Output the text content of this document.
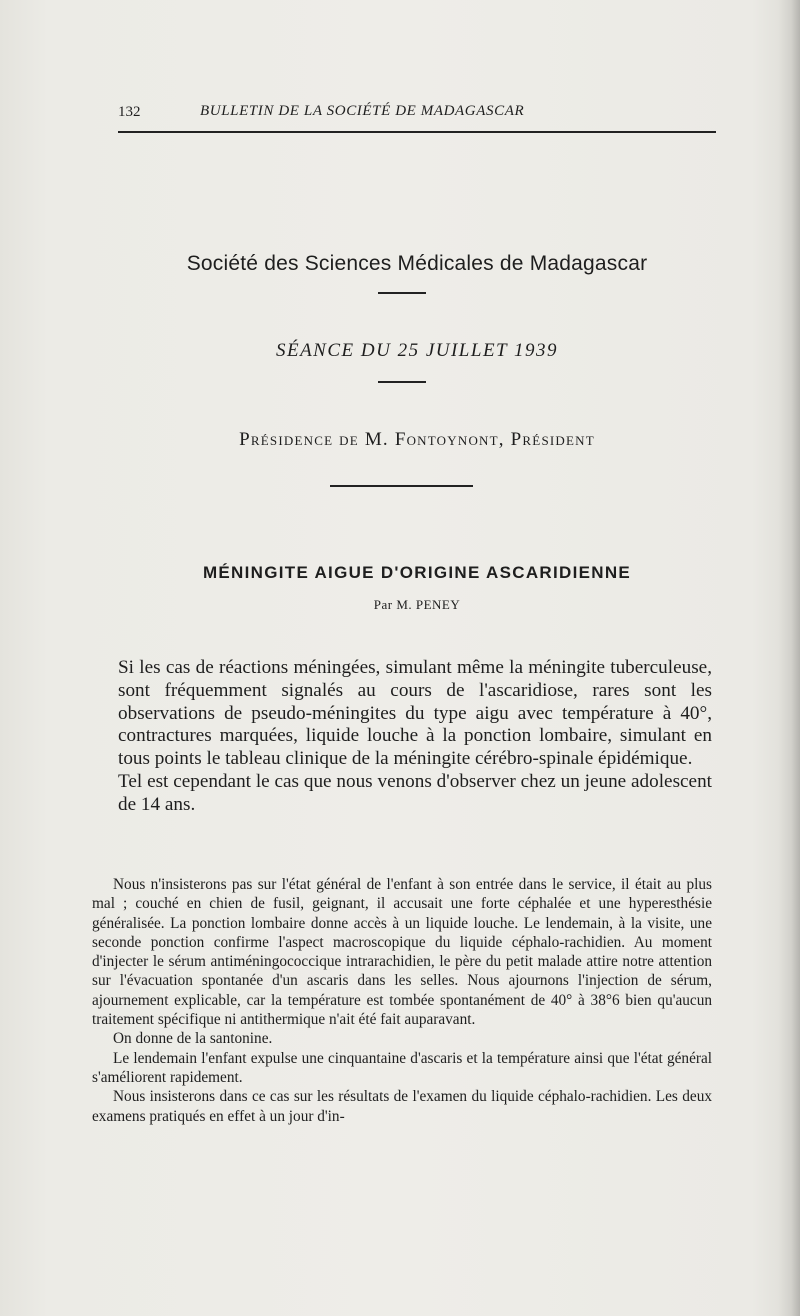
132	BULLETIN DE LA SOCIÉTÉ DE MADAGASCAR
Société des Sciences Médicales de Madagascar
SÉANCE DU 25 JUILLET 1939
Présidence de M. Fontoynont, Président
MÉNINGITE AIGUE D'ORIGINE ASCARIDIENNE
Par M. PENEY

Si les cas de réactions méningées, simulant même la méningite tuberculeuse, sont fréquemment signalés au cours de l'ascaridiose, rares sont les observations de pseudo-méningites du type aigu avec température à 40°, contractures marquées, liquide louche à la ponction lombaire, simulant en tous points le tableau clinique de la méningite cérébro-spinale épidémique.

Tel est cependant le cas que nous venons d'observer chez un jeune adolescent de 14 ans.

Nous n'insisterons pas sur l'état général de l'enfant à son entrée dans le service, il était au plus mal ; couché en chien de fusil, geignant, il accusait une forte céphalée et une hyperesthésie généralisée. La ponction lombaire donne accès à un liquide louche. Le lendemain, à la visite, une seconde ponction confirme l'aspect macroscopique du liquide céphalo-rachidien. Au moment d'injecter le sérum antiméningococcique intrarachidien, le père du petit malade attire notre attention sur l'évacuation spontanée d'un ascaris dans les selles. Nous ajournons l'injection de sérum, ajournement explicable, car la température est tombée spontanément de 40° à 38°6 bien qu'aucun traitement spécifique ni antithermique n'ait été fait auparavant.

On donne de la santonine.

Le lendemain l'enfant expulse une cinquantaine d'ascaris et la température ainsi que l'état général s'améliorent rapidement.

Nous insisterons dans ce cas sur les résultats de l'examen du liquide céphalo-rachidien. Les deux examens pratiqués en effet à un jour d'in-
